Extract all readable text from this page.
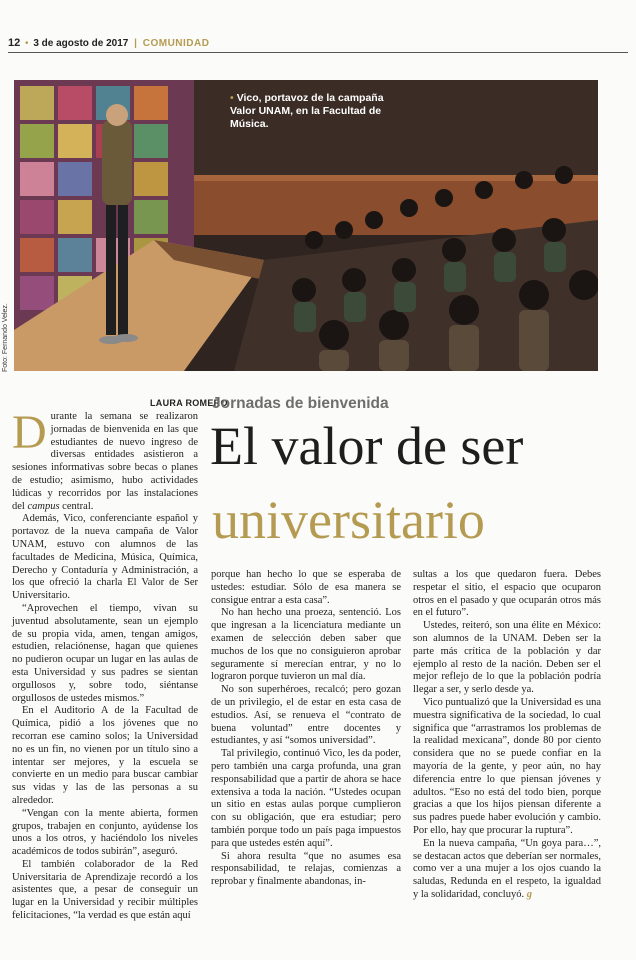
12 • 3 de agosto de 2017 | COMUNIDAD
• Vico, portavoz de la campaña Valor UNAM, en la Facultad de Música.
Foto: Fernando Velez.
LAURA ROMERO
Jornadas de bienvenida
El valor de ser
universitario

Durante la semana se realizaron jornadas de bienvenida en las que estudiantes de nuevo ingreso de diversas entidades asistieron a sesiones informativas sobre becas o planes de estudio; asimismo, hubo actividades lúdicas y recorridos por las instalaciones del campus central.

Además, Vico, conferenciante español y portavoz de la nueva campaña de Valor UNAM, estuvo con alumnos de las facultades de Medicina, Música, Química, Derecho y Contaduría y Administración, a los que ofreció la charla El Valor de Ser Universitario.

“Aprovechen el tiempo, vivan su juventud absolutamente, sean un ejemplo de su propia vida, amen, tengan amigos, estudien, relaciónense, hagan que quienes no pudieron ocupar un lugar en las aulas de esta Universidad y sus padres se sientan orgullosos y, sobre todo, siéntanse orgullosos de ustedes mismos.”

En el Auditorio A de la Facultad de Química, pidió a los jóvenes que no recorran ese camino solos; la Universidad no es un fin, no vienen por un título sino a intentar ser mejores, y la escuela se convierte en un medio para buscar cambiar sus vidas y las de las personas a su alrededor.

“Vengan con la mente abierta, formen grupos, trabajen en conjunto, ayúdense los unos a los otros, y haciéndolo los niveles académicos de todos subirán”, aseguró.

El también colaborador de la Red Universitaria de Aprendizaje recordó a los asistentes que, a pesar de conseguir un lugar en la Universidad y recibir múltiples felicitaciones, “la verdad es que están aquí

porque han hecho lo que se esperaba de ustedes: estudiar. Sólo de esa manera se consigue entrar a esta casa”.

No han hecho una proeza, sentenció. Los que ingresan a la licenciatura mediante un examen de selección deben saber que muchos de los que no consiguieron aprobar seguramente sí merecían entrar, y no lo lograron porque tuvieron un mal día.

No son superhéroes, recalcó; pero gozan de un privilegio, el de estar en esta casa de estudios. Así, se renueva el “contrato de buena voluntad” entre docentes y estudiantes, y así “somos universidad”.

Tal privilegio, continuó Vico, les da poder, pero también una carga profunda, una gran responsabilidad que a partir de ahora se hace extensiva a toda la nación. “Ustedes ocupan un sitio en estas aulas porque cumplieron con su obligación, que era estudiar; pero también porque todo un país paga impuestos para que ustedes estén aquí”.

Si ahora resulta “que no asumes esa responsabilidad, te relajas, comienzas a reprobar y finalmente abandonas, in-

sultas a los que quedaron fuera. Debes respetar el sitio, el espacio que ocuparon otros en el pasado y que ocuparán otros más en el futuro”.

Ustedes, reiteró, son una élite en México: son alumnos de la UNAM. Deben ser la parte más crítica de la población y dar ejemplo al resto de la nación. Deben ser el mejor reflejo de lo que la población podría llegar a ser, y serlo desde ya.

Vico puntualizó que la Universidad es una muestra significativa de la sociedad, lo cual significa que “arrastramos los problemas de la realidad mexicana”, donde 80 por ciento considera que no se puede confiar en la mayoría de la gente, y peor aún, no hay diferencia entre lo que piensan jóvenes y adultos. “Eso no está del todo bien, porque gracias a que los hijos piensan diferente a sus padres puede haber evolución y cambio. Por ello, hay que procurar la ruptura”.

En la nueva campaña, “Un goya para…”, se destacan actos que deberían ser normales, como ver a una mujer a los ojos cuando la saludas, Redunda en el respeto, la igualdad y la solidaridad, concluyó. g
